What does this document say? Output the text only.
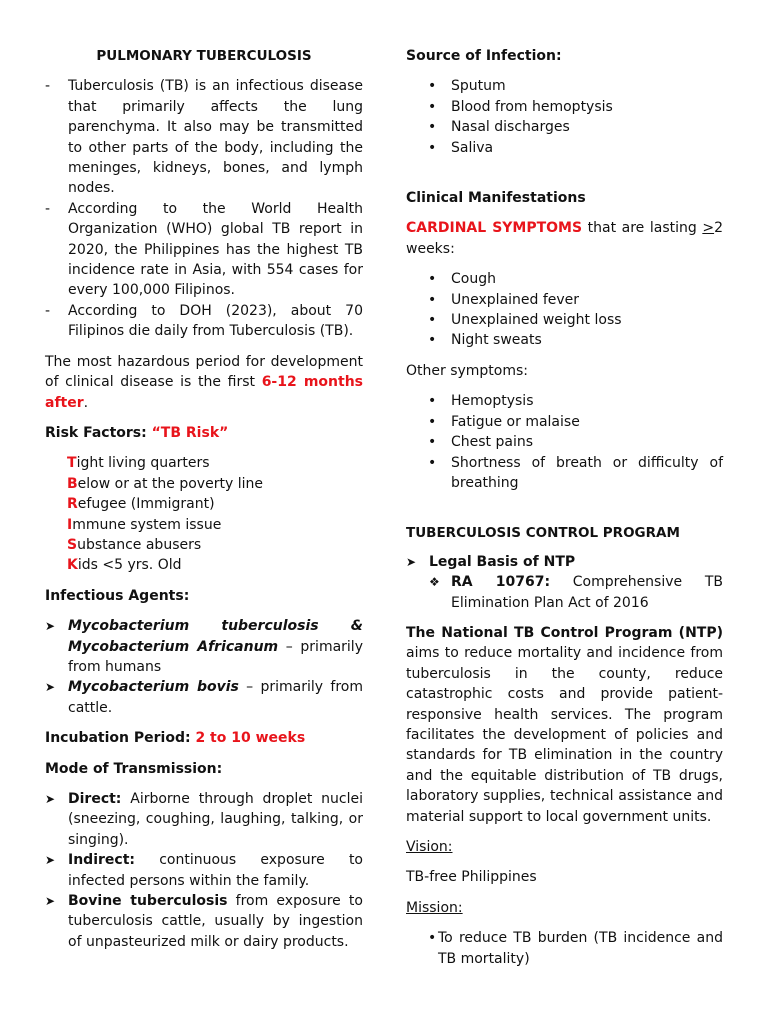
PULMONARY TUBERCULOSIS
- Tuberculosis (TB) is an infectious disease that primarily affects the lung parenchyma. It also may be transmitted to other parts of the body, including the meninges, kidneys, bones, and lymph nodes.
- According to the World Health Organization (WHO) global TB report in 2020, the Philippines has the highest TB incidence rate in Asia, with 554 cases for every 100,000 Filipinos.
- According to DOH (2023), about 70 Filipinos die daily from Tuberculosis (TB).

The most hazardous period for development of clinical disease is the first 6-12 months after.

Risk Factors: “TB Risk”

Tight living quarters
Below or at the poverty line
Refugee (Immigrant)
Immune system issue
Substance abusers
Kids <5 yrs. Old

Infectious Agents:

➤ Mycobacterium tuberculosis & Mycobacterium Africanum – primarily from humans
➤ Mycobacterium bovis – primarily from cattle.

Incubation Period: 2 to 10 weeks

Mode of Transmission:

➤ Direct: Airborne through droplet nuclei (sneezing, coughing, laughing, talking, or singing).
➤ Indirect: continuous exposure to infected persons within the family.
➤ Bovine tuberculosis from exposure to tuberculosis cattle, usually by ingestion of unpasteurized milk or dairy products.

Source of Infection:

• Sputum
• Blood from hemoptysis
• Nasal discharges
• Saliva

Clinical Manifestations

CARDINAL SYMPTOMS that are lasting >2 weeks:

• Cough
• Unexplained fever
• Unexplained weight loss
• Night sweats

Other symptoms:

• Hemoptysis
• Fatigue or malaise
• Chest pains
• Shortness of breath or difficulty of breathing

TUBERCULOSIS CONTROL PROGRAM

➤ Legal Basis of NTP
❖ RA 10767: Comprehensive TB Elimination Plan Act of 2016

The National TB Control Program (NTP) aims to reduce mortality and incidence from tuberculosis in the county, reduce catastrophic costs and provide patient-responsive health services. The program facilitates the development of policies and standards for TB elimination in the country and the equitable distribution of TB drugs, laboratory supplies, technical assistance and material support to local government units.

Vision:

TB-free Philippines

Mission:

• To reduce TB burden (TB incidence and TB mortality)
